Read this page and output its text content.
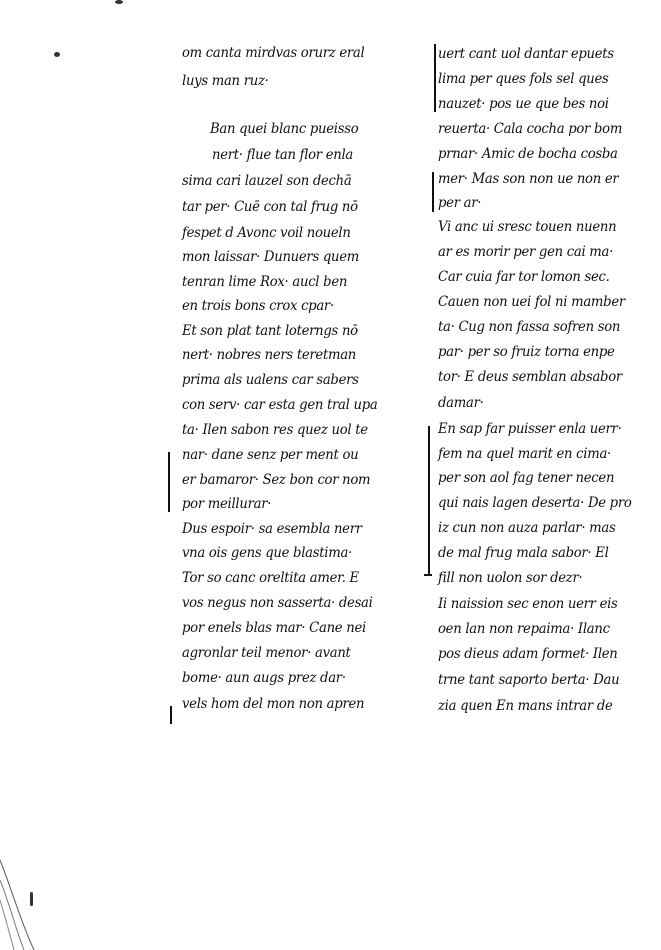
om canta mirdvas orurz eral
luys man ruz·
Ban quei blanc pueisso
nert· flue tan flor enla
sima cari lauzel son dechā
tar per· Cuē con tal frug nō
fespet d Avonc voil noueln
mon laissar· Dunuers quem
tenran lime Rox· aucl ben
en trois bons crox cpar·
Et son plat tant loterngs nō
nert· nobres ners teretman
prima als ualens car sabers
con serv· car esta gen tral upa
ta· Ilen sabon res quez uol te
nar· dane senz per ment ou
er bamaror· Sez bon cor nom
por meillurar·
Dus espoir· sa esembla nerr
vna ois gens que blastima·
Tor so canc oreltita amer. E
vos negus non sasserta· desai
por enels blas mar· Cane nei
agronlar teil menor· avant
bome· aun augs prez dar·
vels hom del mon non apren
uert cant uol dantar epuets
lima per ques fols sel ques
nauzet· pos ue que bes noi
reuerta· Cala cocha por bom
prnar· Amic de bocha cosba
mer· Mas son non ue non er
per ar·
Vi anc ui sresc touen nuenn
ar es morir per gen cai ma·
Car cuia far tor lomon sec.
Cauen non uei fol ni mamber
ta· Cug non fassa sofren son
par· per so fruiz torna enpe
tor· E deus semblan absabor
damar·
En sap far puisser enla uerr·
fem na quel marit en cima·
per son aol fag tener necen
qui nais lagen deserta· De pro
iz cun non auza parlar· mas
de mal frug mala sabor· El
fill non uolon sor dezr·
Ii naission sec enon uerr eis
oen lan non repaima· Ilanc
pos dieus adam formet· Ilen
trne tant saporto berta· Dau
zia quen En mans intrar de
